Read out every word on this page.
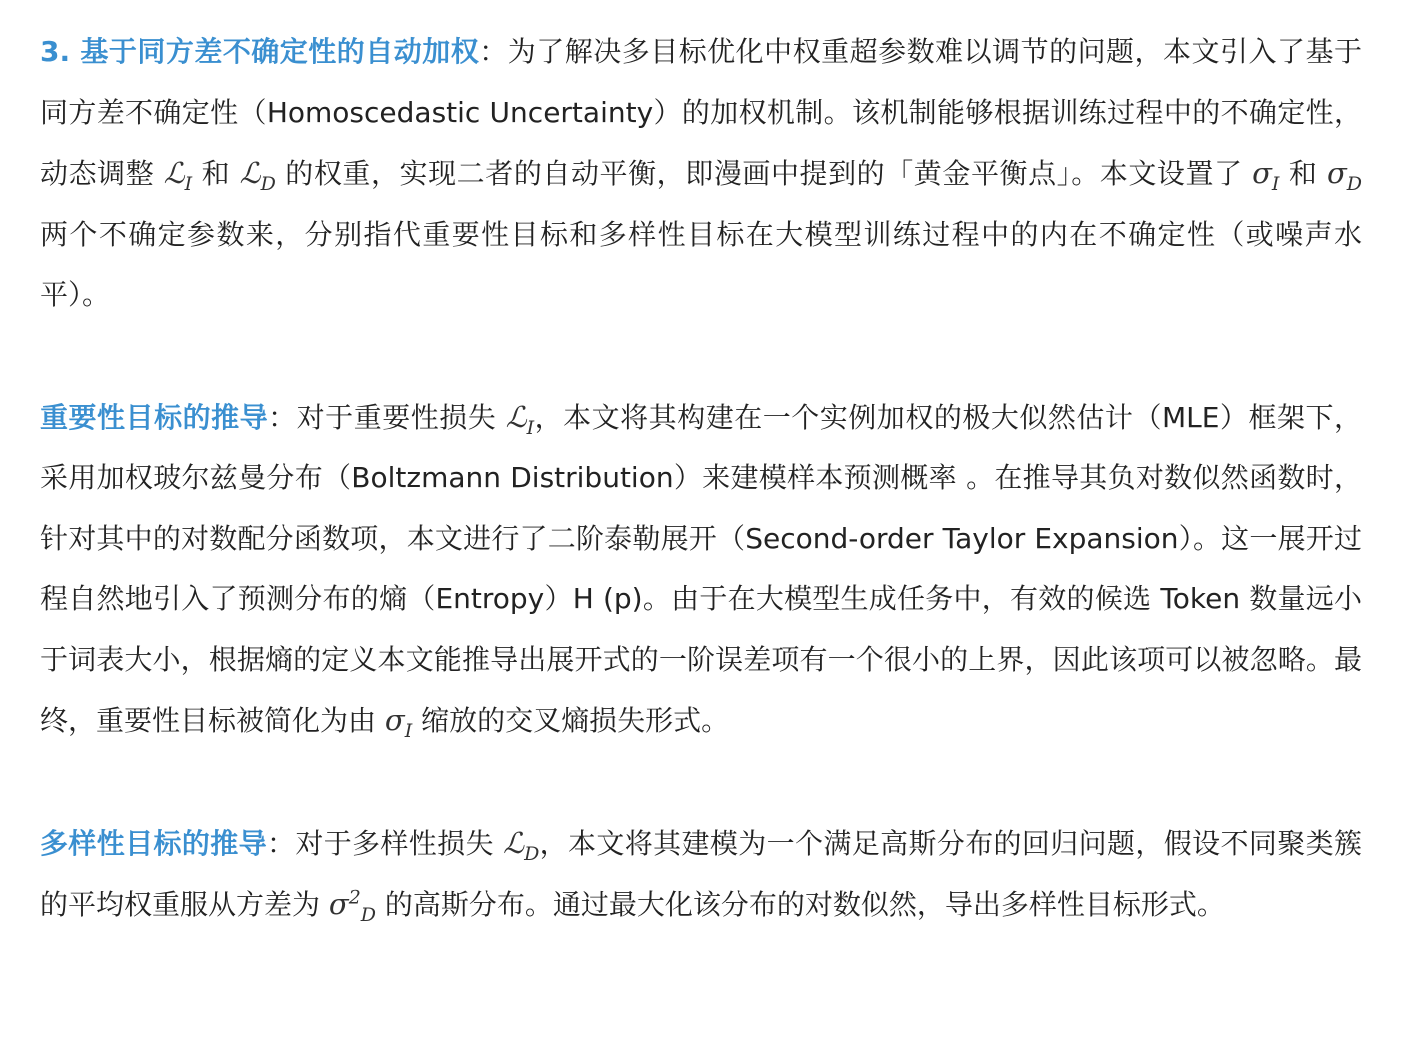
3. 基于同方差不确定性的自动加权：为了解决多目标优化中权重超参数难以调节的问题，本文引入了基于同方差不确定性（Homoscedastic Uncertainty）的加权机制。该机制能够根据训练过程中的不确定性，动态调整 ℒ$_I$ 和 ℒ$_D$ 的权重，实现二者的自动平衡，即漫画中提到的「黄金平衡点」。本文设置了 $\sigma_I$ 和 $\sigma_D$ 两个不确定参数来，分别指代重要性目标和多样性目标在大模型训练过程中的内在不确定性（或噪声水平）。

重要性目标的推导：对于重要性损失 ℒ$_I$，本文将其构建在一个实例加权的极大似然估计（MLE）框架下，采用加权玻尔兹曼分布（Boltzmann Distribution）来建模样本预测概率 。在推导其负对数似然函数时，针对其中的对数配分函数项，本文进行了二阶泰勒展开（Second-order Taylor Expansion）。这一展开过程自然地引入了预测分布的熵（Entropy）H (p)。由于在大模型生成任务中，有效的候选 Token 数量远小于词表大小，根据熵的定义本文能推导出展开式的一阶误差项有一个很小的上界，因此该项可以被忽略。最终，重要性目标被简化为由 $\sigma_I$ 缩放的交叉熵损失形式。

多样性目标的推导：对于多样性损失 ℒ$_D$，本文将其建模为一个满足高斯分布的回归问题，假设不同聚类簇的平均权重服从方差为 $\sigma^2_D$ 的高斯分布。通过最大化该分布的对数似然，导出多样性目标形式。
